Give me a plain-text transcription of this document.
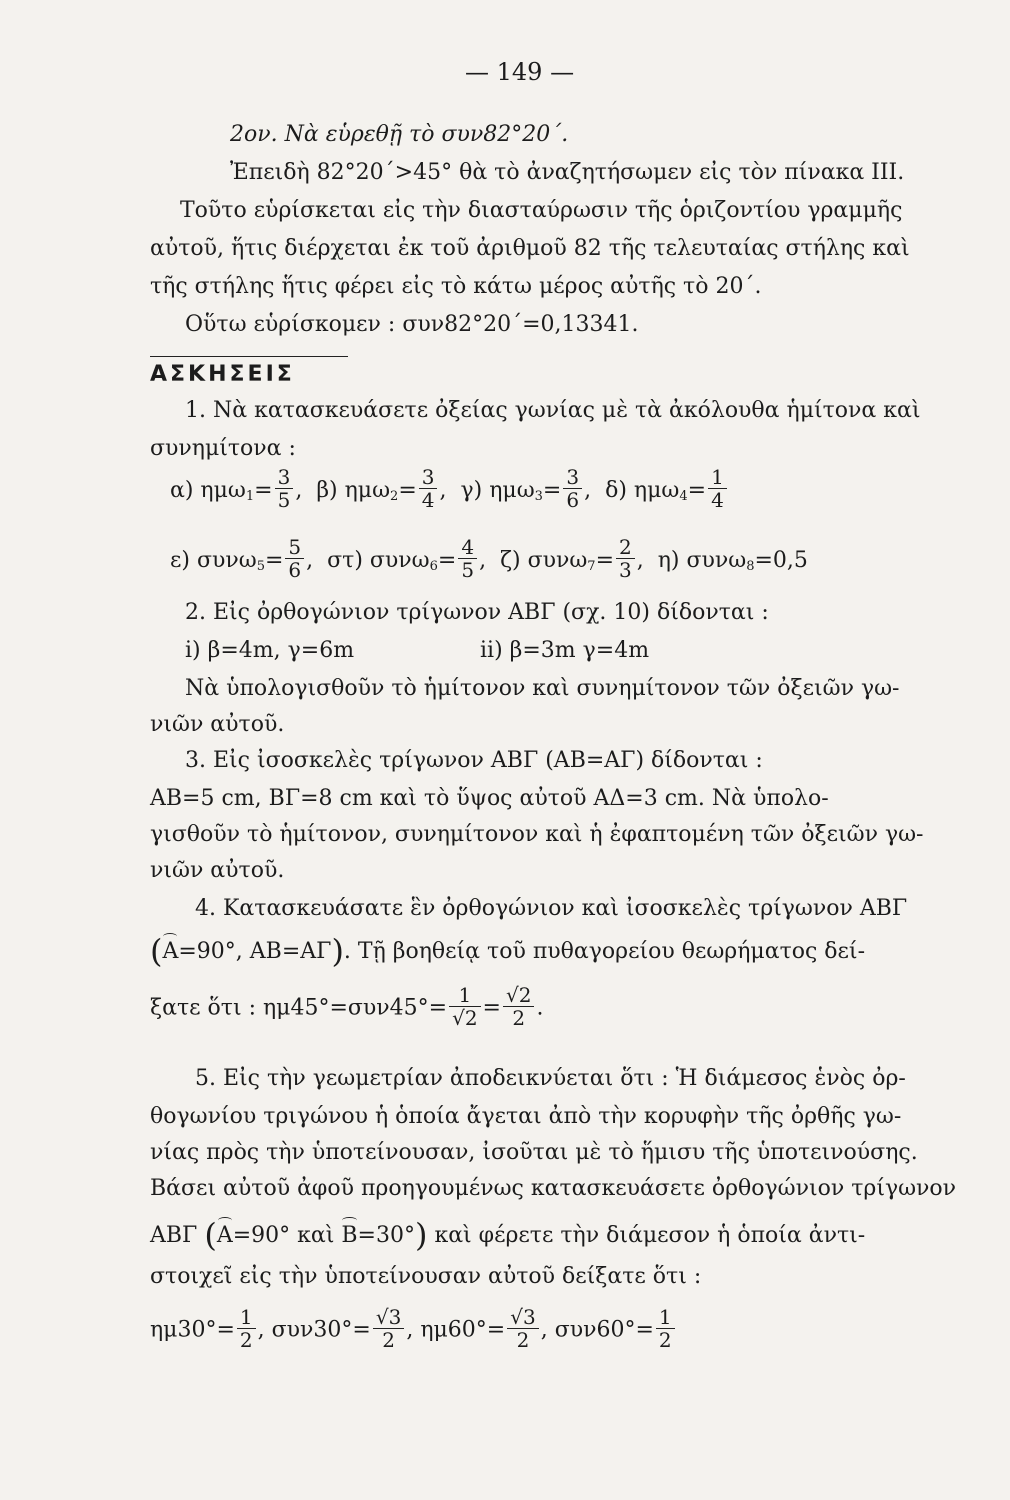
— 149 —
2ον. Νὰ εὑρεθῇ τὸ συν82°20΄.
Ἐπειδὴ 82°20΄>45° θὰ τὸ ἀναζητήσωμεν εἰς τὸν πίνακα ΙΙΙ.
Τοῦτο εὑρίσκεται εἰς τὴν διασταύρωσιν τῆς ὁριζοντίου γραμμῆς
αὐτοῦ, ἥτις διέρχεται ἐκ τοῦ ἀριθμοῦ 82 τῆς τελευταίας στήλης καὶ
τῆς στήλης ἥτις φέρει εἰς τὸ κάτω μέρος αὐτῆς τὸ 20΄.
Οὕτω εὑρίσκομεν : συν82°20΄=0,13341.
ΑΣΚΗΣΕΙΣ
1. Νὰ κατασκευάσετε ὀξείας γωνίας μὲ τὰ ἀκόλουθα ἡμίτονα καὶ
συνημίτονα :
α) $\eta\mu\omega_1= \frac{3}{5}$ , β) $\eta\mu\omega_2= \frac{3}{4}$ , γ) $\eta\mu\omega_3= \frac{3}{6}$ , δ) $\eta\mu\omega_4= \frac{1}{4}$
ε) $\sigma\upsilon\nu\omega_5= \frac{5}{6}$ , στ) $\sigma\upsilon\nu\omega_6= \frac{4}{5}$ , ζ) $\sigma\upsilon\nu\omega_7= \frac{2}{3}$ , η) συνω$_8$=0,5
2. Εἰς ὀρθογώνιον τρίγωνον ΑΒΓ (σχ. 10) δίδονται :
i) β=4m, γ=6m	ii) β=3m γ=4m
Νὰ ὑπολογισθοῦν τὸ ἡμίτονον καὶ συνημίτονον τῶν ὀξειῶν γω-
νιῶν αὐτοῦ.
3. Εἰς ἰσοσκελὲς τρίγωνον ΑΒΓ (ΑΒ=ΑΓ) δίδονται :
ΑΒ=5 cm, ΒΓ=8 cm καὶ τὸ ὕψος αὐτοῦ ΑΔ=3 cm. Νὰ ὑπολο-
γισθοῦν τὸ ἡμίτονον, συνημίτονον καὶ ἡ ἐφαπτομένη τῶν ὀξειῶν γω-
νιῶν αὐτοῦ.
4. Κατασκευάσατε ἓν ὀρθογώνιον καὶ ἰσοσκελὲς τρίγωνον ΑΒΓ
(Α=90°, ΑΒ=ΑΓ). Τῇ βοηθείᾳ τοῦ πυθαγορείου θεωρήματος δεί-
ξατε ὅτι : $\eta\mu 45^\circ=\sigma\upsilon\nu 45^\circ= \frac{1}{√2} = \frac{√2}{2}$ .
5. Εἰς τὴν γεωμετρίαν ἀποδεικνύεται ὅτι : Ἡ διάμεσος ἑνὸς ὀρ-
θογωνίου τριγώνου ἡ ὁποία ἄγεται ἀπὸ τὴν κορυφὴν τῆς ὀρθῆς γω-
νίας πρὸς τὴν ὑποτείνουσαν, ἰσοῦται μὲ τὸ ἥμισυ τῆς ὑποτεινούσης.
Βάσει αὐτοῦ ἀφοῦ προηγουμένως κατασκευάσετε ὀρθογώνιον τρίγωνον
ΑΒΓ (Α=90° καὶ Β=30°) καὶ φέρετε τὴν διάμεσον ἡ ὁποία ἀντι-
στοιχεῖ εἰς τὴν ὑποτείνουσαν αὐτοῦ δείξατε ὅτι :
$\eta\mu 30^\circ= \frac{1}{2}$ , $\sigma\upsilon\nu 30^\circ= \frac{√3}{2}$ , $\eta\mu 60^\circ= \frac{√3}{2}$ , $\sigma\upsilon\nu 60^\circ= \frac{1}{2}$
